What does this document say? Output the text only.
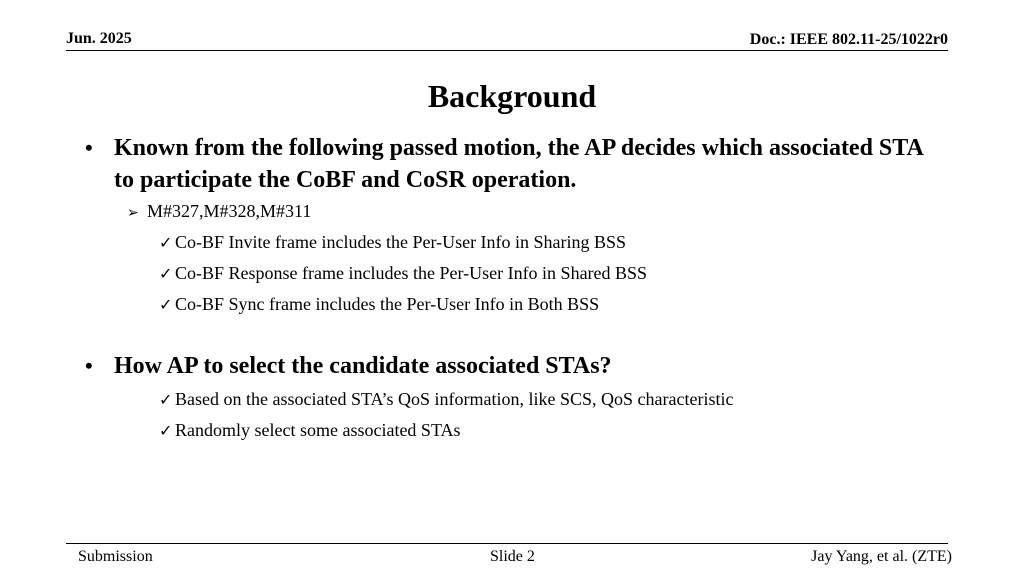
Jun. 2025	Doc.: IEEE 802.11-25/1022r0
Background
• Known from the following passed motion, the AP decides which associated STA to participate the CoBF and CoSR operation.
➢ M#327,M#328,M#311
✓ Co-BF Invite frame includes the Per-User Info in Sharing BSS
✓ Co-BF Response frame includes the Per-User Info in Shared BSS
✓ Co-BF Sync frame includes the Per-User Info in Both BSS
• How AP to select the candidate associated STAs?
✓ Based on the associated STA’s QoS information, like SCS, QoS characteristic
✓ Randomly select some associated STAs
Submission	Slide 2	Jay Yang, et al. (ZTE)
